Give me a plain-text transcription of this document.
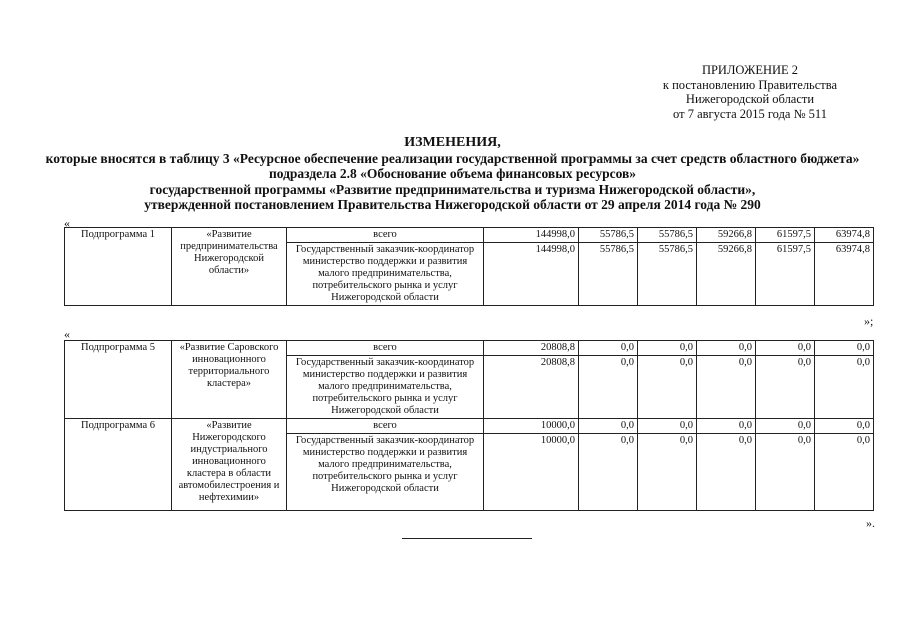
ПРИЛОЖЕНИЕ 2
к постановлению Правительства
Нижегородской области
от 7 августа 2015 года № 511
ИЗМЕНЕНИЯ,
которые вносятся в таблицу 3 «Ресурсное обеспечение реализации государственной программы за счет средств областного бюджета»
подраздела 2.8 «Обоснование объема финансовых ресурсов»
государственной программы «Развитие предпринимательства и туризма Нижегородской области»,
утвержденной постановлением Правительства Нижегородской области от 29 апреля 2014 года № 290
«
Подпрограмма 1	«Развитие предпринимательства Нижегородской области»	всего	144998,0	55786,5	55786,5	59266,8	61597,5	63974,8
		Государственный заказчик-координатор министерство поддержки и развития малого предпринимательства, потребительского рынка и услуг Нижегородской области	144998,0	55786,5	55786,5	59266,8	61597,5	63974,8
»;
«
Подпрограмма 5	«Развитие Саровского инновационного территориального кластера»	всего	20808,8	0,0	0,0	0,0	0,0	0,0
		Государственный заказчик-координатор министерство поддержки и развития малого предпринимательства, потребительского рынка и услуг Нижегородской области	20808,8	0,0	0,0	0,0	0,0	0,0
Подпрограмма 6	«Развитие Нижегородского индустриального инновационного кластера в области автомобилестроения и нефтехимии»	всего	10000,0	0,0	0,0	0,0	0,0	0,0
		Государственный заказчик-координатор министерство поддержки и развития малого предпринимательства, потребительского рынка и услуг Нижегородской области	10000,0	0,0	0,0	0,0	0,0	0,0
».
